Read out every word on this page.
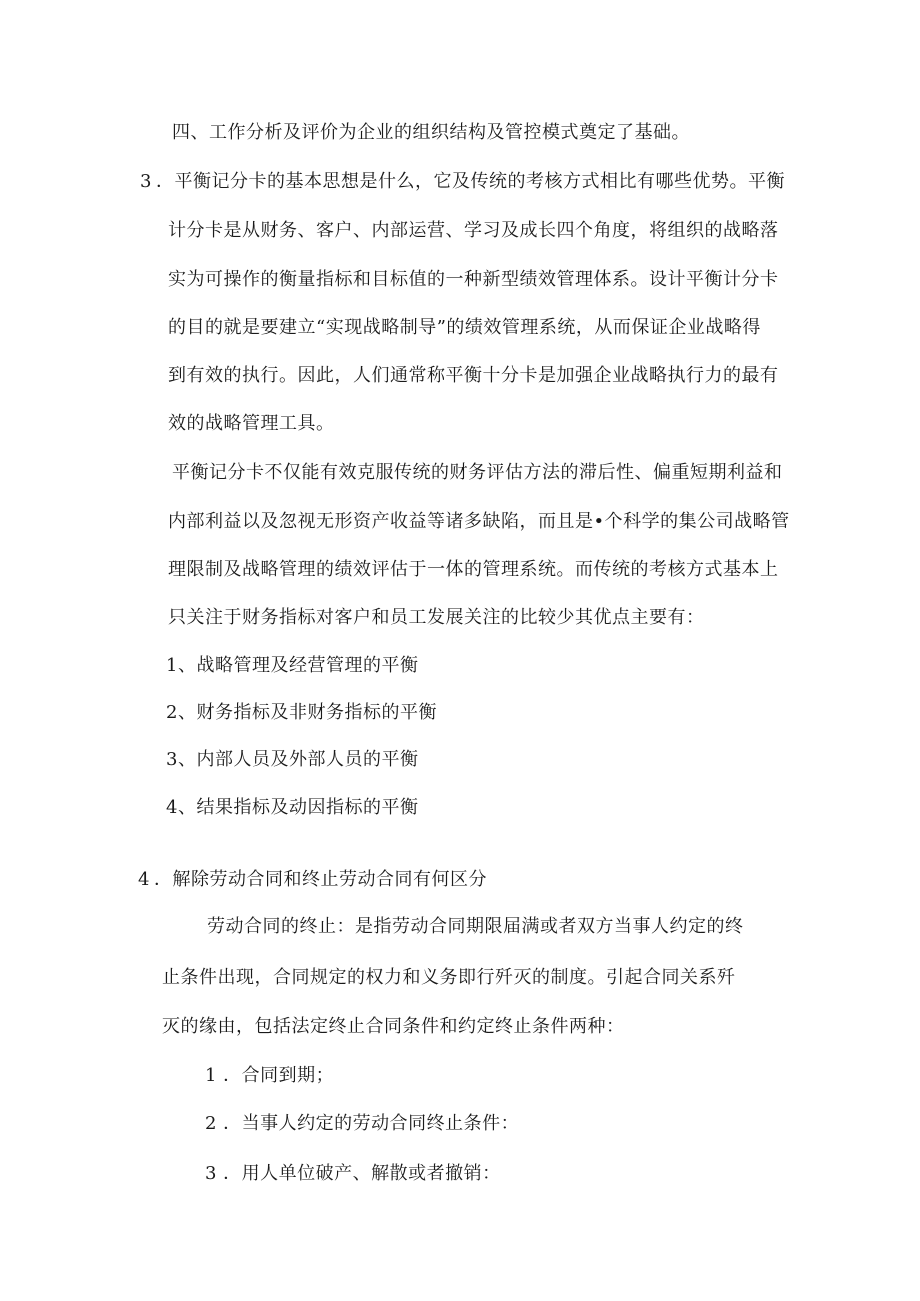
四、工作分析及评价为企业的组织结构及管控模式奠定了基础。
3 ．平衡记分卡的基本思想是什么，它及传统的考核方式相比有哪些优势。平衡
计分卡是从财务、客户、内部运营、学习及成长四个角度，将组织的战略落
实为可操作的衡量指标和目标值的一种新型绩效管理体系。设计平衡计分卡
的目的就是要建立“实现战略制导”的绩效管理系统，从而保证企业战略得
到有效的执行。因此，人们通常称平衡十分卡是加强企业战略执行力的最有
效的战略管理工具。
平衡记分卡不仅能有效克服传统的财务评估方法的滞后性、偏重短期利益和
内部利益以及忽视无形资产收益等诸多缺陷，而且是•个科学的集公司战略管
理限制及战略管理的绩效评估于一体的管理系统。而传统的考核方式基本上
只关注于财务指标对客户和员工发展关注的比较少其优点主要有：
1、战略管理及经营管理的平衡
2、财务指标及非财务指标的平衡
3、内部人员及外部人员的平衡
4、结果指标及动因指标的平衡
4 ．解除劳动合同和终止劳动合同有何区分
劳动合同的终止：是指劳动合同期限届满或者双方当事人约定的终
止条件出现，合同规定的权力和义务即行歼灭的制度。引起合同关系歼
灭的缘由，包括法定终止合同条件和约定终止条件两种：
1 ．合同到期；
2 ．当事人约定的劳动合同终止条件：
3 ．用人单位破产、解散或者撤销：
